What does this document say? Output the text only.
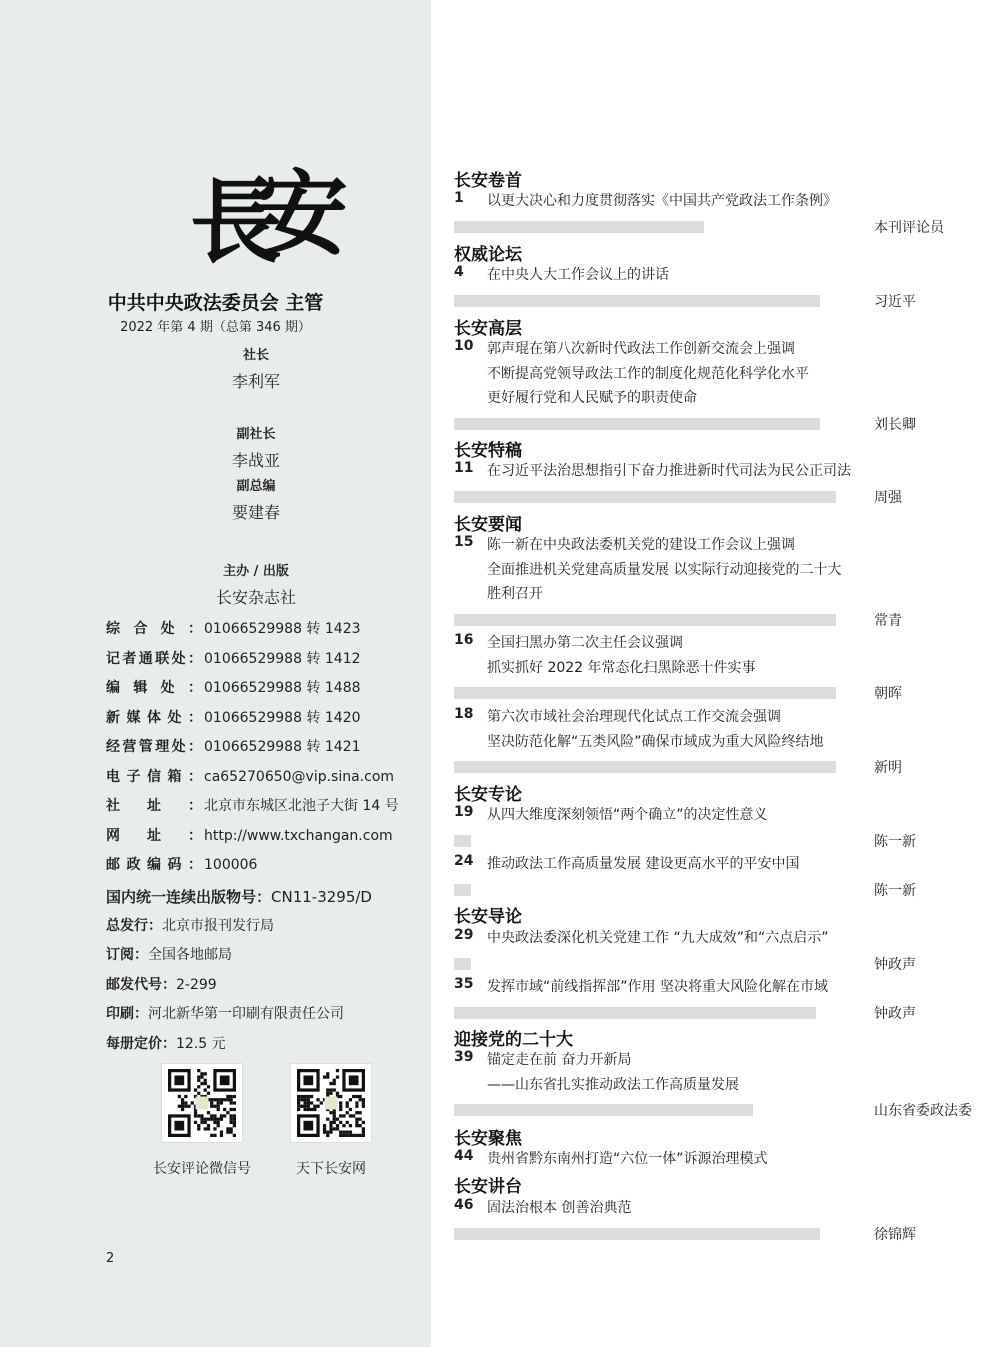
長
安
中共中央政法委员会 主管
2022 年第 4 期（总第 346 期）
社长
李利军
副社长
李战亚
副总编
要建春
主办 / 出版
长安杂志社
综合处： 01066529988 转 1423
记者通联处： 01066529988 转 1412
编辑处： 01066529988 转 1488
新媒体处： 01066529988 转 1420
经营管理处： 01066529988 转 1421
电子信箱： ca65270650@vip.sina.com
社址： 北京市东城区北池子大街 14 号
网址： http://www.txchangan.com
邮政编码： 100006
国内统一连续出版物号：CN11-3295/D
总发行：北京市报刊发行局
订阅：全国各地邮局
邮发代号：2-299
印刷：河北新华第一印刷有限责任公司
每册定价：12.5 元
长安评论微信号	天下长安网
2
长安卷首
权威论坛
长安高层
长安特稿
长安要闻
长安专论
长安导论
迎接党的二十大
长安聚焦
长安讲台
1 以更大决心和力度贯彻落实《中国共产党政法工作条例》
本刊评论员
4 在中央人大工作会议上的讲话
习近平
10 郭声琨在第八次新时代政法工作创新交流会上强调
不断提高党领导政法工作的制度化规范化科学化水平
更好履行党和人民赋予的职责使命
刘长卿
11 在习近平法治思想指引下奋力推进新时代司法为民公正司法
周强
15 陈一新在中央政法委机关党的建设工作会议上强调
全面推进机关党建高质量发展 以实际行动迎接党的二十大
胜利召开
常青
16 全国扫黑办第二次主任会议强调
抓实抓好 2022 年常态化扫黑除恶十件实事
朝晖
18 第六次市域社会治理现代化试点工作交流会强调
坚决防范化解“五类风险”确保市域成为重大风险终结地
新明
19 从四大维度深刻领悟“两个确立”的决定性意义
陈一新
24 推动政法工作高质量发展 建设更高水平的平安中国
陈一新
29 中央政法委深化机关党建工作 “九大成效”和“六点启示”
钟政声
35 发挥市域“前线指挥部”作用 坚决将重大风险化解在市域
钟政声
39 锚定走在前 奋力开新局
——山东省扎实推动政法工作高质量发展
山东省委政法委
44 贵州省黔东南州打造“六位一体”诉源治理模式
46 固法治根本 创善治典范
徐锦辉
